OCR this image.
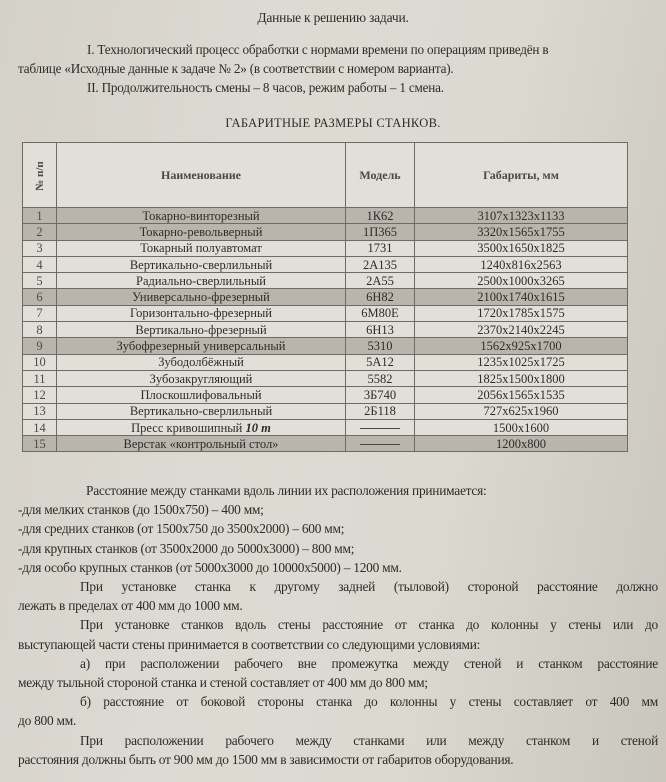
Данные к решению задачи.
I. Технологический процесс обработки с нормами времени по операциям приведён в
таблице «Исходные данные к задаче № 2» (в соответствии с номером варианта).
II. Продолжительность смены – 8 часов, режим работы – 1 смена.
ГАБАРИТНЫЕ РАЗМЕРЫ СТАНКОВ.
№ п/п	Наименование	Модель	Габариты, мм
1	Токарно-винторезный	1К62	3107x1323x1133
2	Токарно-револьверный	1П365	3320x1565x1755
3	Токарный полуавтомат	1731	3500x1650x1825
4	Вертикально-сверлильный	2А135	1240x816x2563
5	Радиально-сверлильный	2А55	2500x1000x3265
6	Универсально-фрезерный	6Н82	2100x1740x1615
7	Горизонтально-фрезерный	6М80Е	1720x1785x1575
8	Вертикально-фрезерный	6Н13	2370x2140x2245
9	Зубофрезерный универсальный	5310	1562x925x1700
10	Зубодолбёжный	5А12	1235x1025x1725
11	Зубозакругляющий	5582	1825x1500x1800
12	Плоскошлифовальный	3Б740	2056x1565x1535
13	Вертикально-сверлильный	2Б118	727x625x1960
14	Пресс кривошипный 10 т		1500x1600
15	Верстак «контрольный стол»		1200x800

Расстояние между станками вдоль линии их расположения принимается:

-для мелких станков (до 1500x750) – 400 мм;

-для средних станков (от 1500x750 до 3500x2000) – 600 мм;

-для крупных станков (от 3500x2000 до 5000x3000) – 800 мм;

-для особо крупных станков (от 5000x3000 до 10000x5000) – 1200 мм.

При установке станка к другому задней (тыловой) стороной расстояние должно

лежать в пределах от 400 мм до 1000 мм.

При установке станков вдоль стены расстояние от станка до колонны у стены или до

выступающей части стены принимается в соответствии со следующими условиями:

а) при расположении рабочего вне промежутка между стеной и станком расстояние

между тыльной стороной станка и стеной составляет от 400 мм до 800 мм;

б) расстояние от боковой стороны станка до колонны у стены составляет от 400 мм

до 800 мм.

При расположении рабочего между станками или между станком и стеной

расстояния должны быть от 900 мм до 1500 мм в зависимости от габаритов оборудования.
